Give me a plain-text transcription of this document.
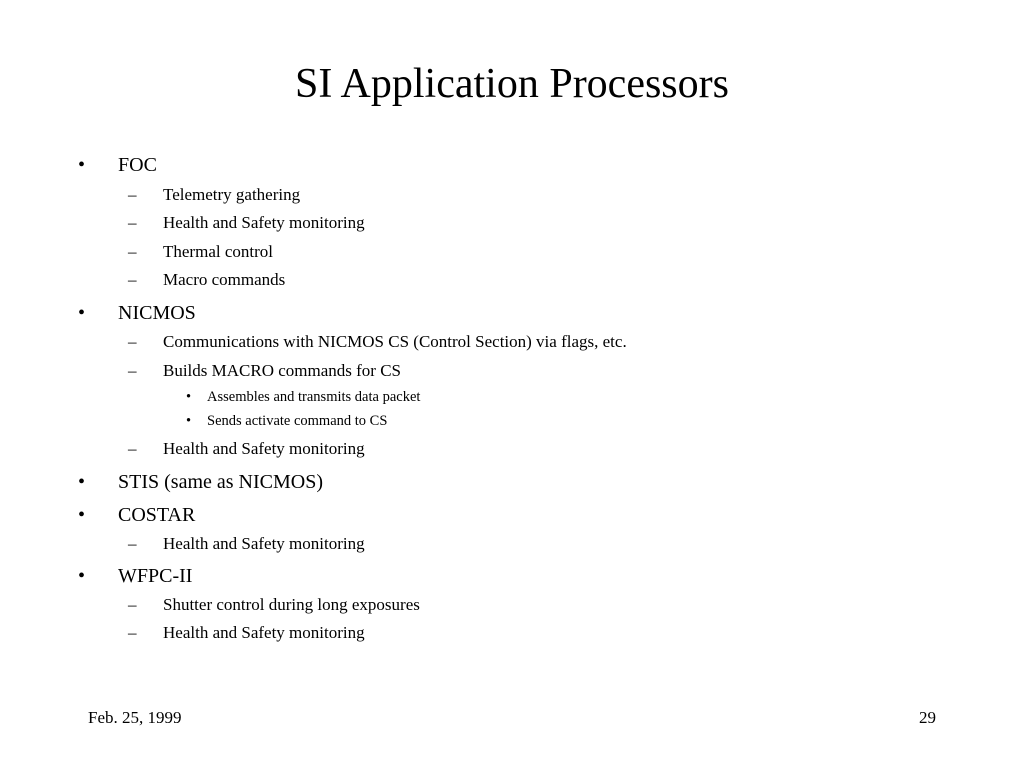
SI Application Processors
• FOC
– Telemetry gathering
– Health and Safety monitoring
– Thermal control
– Macro commands
• NICMOS
– Communications with NICMOS CS (Control Section) via flags, etc.
– Builds MACRO commands for CS
• Assembles and transmits data packet
• Sends activate command to CS
– Health and Safety monitoring
• STIS (same as NICMOS)
• COSTAR
– Health and Safety monitoring
• WFPC-II
– Shutter control during long exposures
– Health and Safety monitoring
Feb. 25, 1999	29
